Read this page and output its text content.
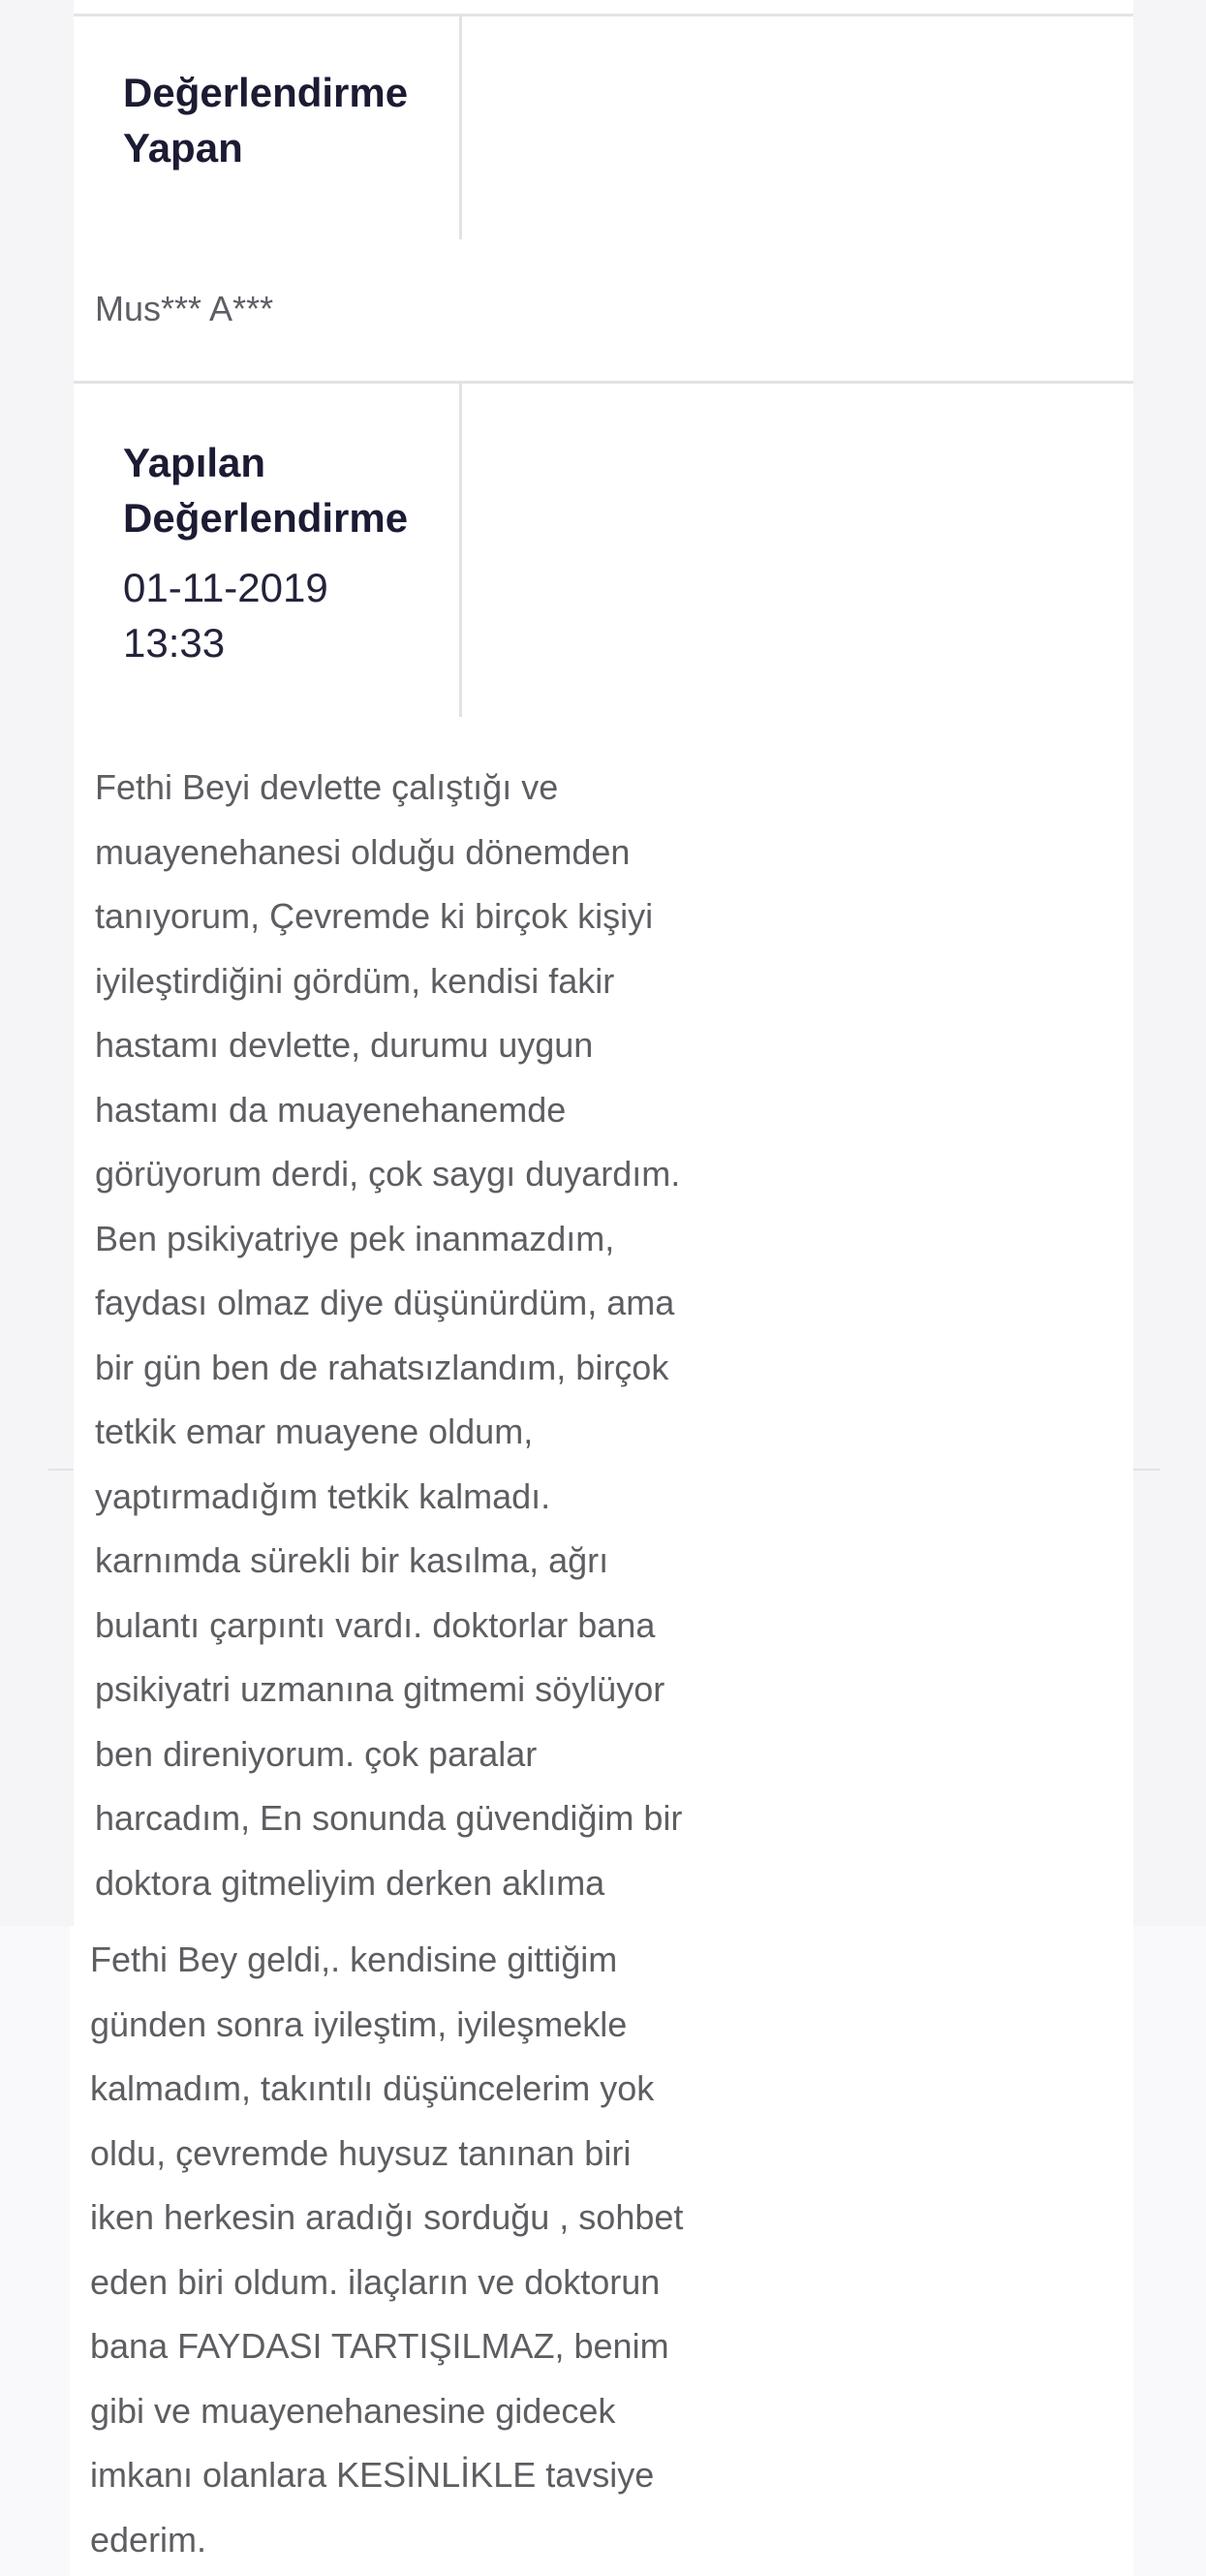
Değerlendirme
Yapan
Mus*** A***
Yapılan
Değerlendirme
01-11-2019
13:33
Fethi Beyi devlette çalıştığı ve
muayenehanesi olduğu dönemden
tanıyorum, Çevremde ki birçok kişiyi
iyileştirdiğini gördüm, kendisi fakir
hastamı devlette, durumu uygun
hastamı da muayenehanemde
görüyorum derdi, çok saygı duyardım.
Ben psikiyatriye pek inanmazdım,
faydası olmaz diye düşünürdüm, ama
bir gün ben de rahatsızlandım, birçok
tetkik emar muayene oldum,
yaptırmadığım tetkik kalmadı.
karnımda sürekli bir kasılma, ağrı
bulantı çarpıntı vardı. doktorlar bana
psikiyatri uzmanına gitmemi söylüyor
ben direniyorum. çok paralar
harcadım, En sonunda güvendiğim bir
doktora gitmeliyim derken aklıma
Fethi Bey geldi,. kendisine gittiğim
günden sonra iyileştim, iyileşmekle
kalmadım, takıntılı düşüncelerim yok
oldu, çevremde huysuz tanınan biri
iken herkesin aradığı sorduğu , sohbet
eden biri oldum. ilaçların ve doktorun
bana FAYDASI TARTIŞILMAZ, benim
gibi ve muayenehanesine gidecek
imkanı olanlara KESİNLİKLE tavsiye
ederim.
